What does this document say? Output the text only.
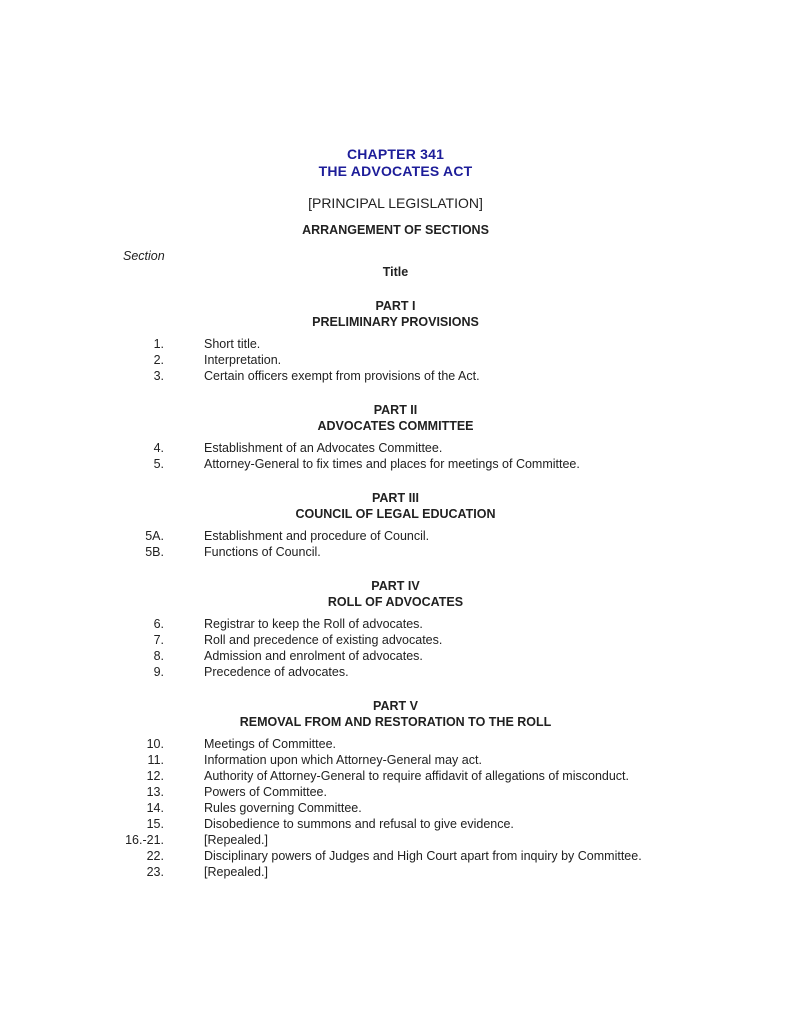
CHAPTER 341
THE ADVOCATES ACT
[PRINCIPAL LEGISLATION]
ARRANGEMENT OF SECTIONS
Section
Title
PART I
PRELIMINARY PROVISIONS
1.	Short title.
2.	Interpretation.
3.	Certain officers exempt from provisions of the Act.
PART II
ADVOCATES COMMITTEE
4.	Establishment of an Advocates Committee.
5.	Attorney-General to fix times and places for meetings of Committee.
PART III
COUNCIL OF LEGAL EDUCATION
5A.	Establishment and procedure of Council.
5B.	Functions of Council.
PART IV
ROLL OF ADVOCATES
6.	Registrar to keep the Roll of advocates.
7.	Roll and precedence of existing advocates.
8.	Admission and enrolment of advocates.
9.	Precedence of advocates.
PART V
REMOVAL FROM AND RESTORATION TO THE ROLL
10.	Meetings of Committee.
11.	Information upon which Attorney-General may act.
12.	Authority of Attorney-General to require affidavit of allegations of misconduct.
13.	Powers of Committee.
14.	Rules governing Committee.
15.	Disobedience to summons and refusal to give evidence.
16.-21.	[Repealed.]
22.	Disciplinary powers of Judges and High Court apart from inquiry by Committee.
23.	[Repealed.]
